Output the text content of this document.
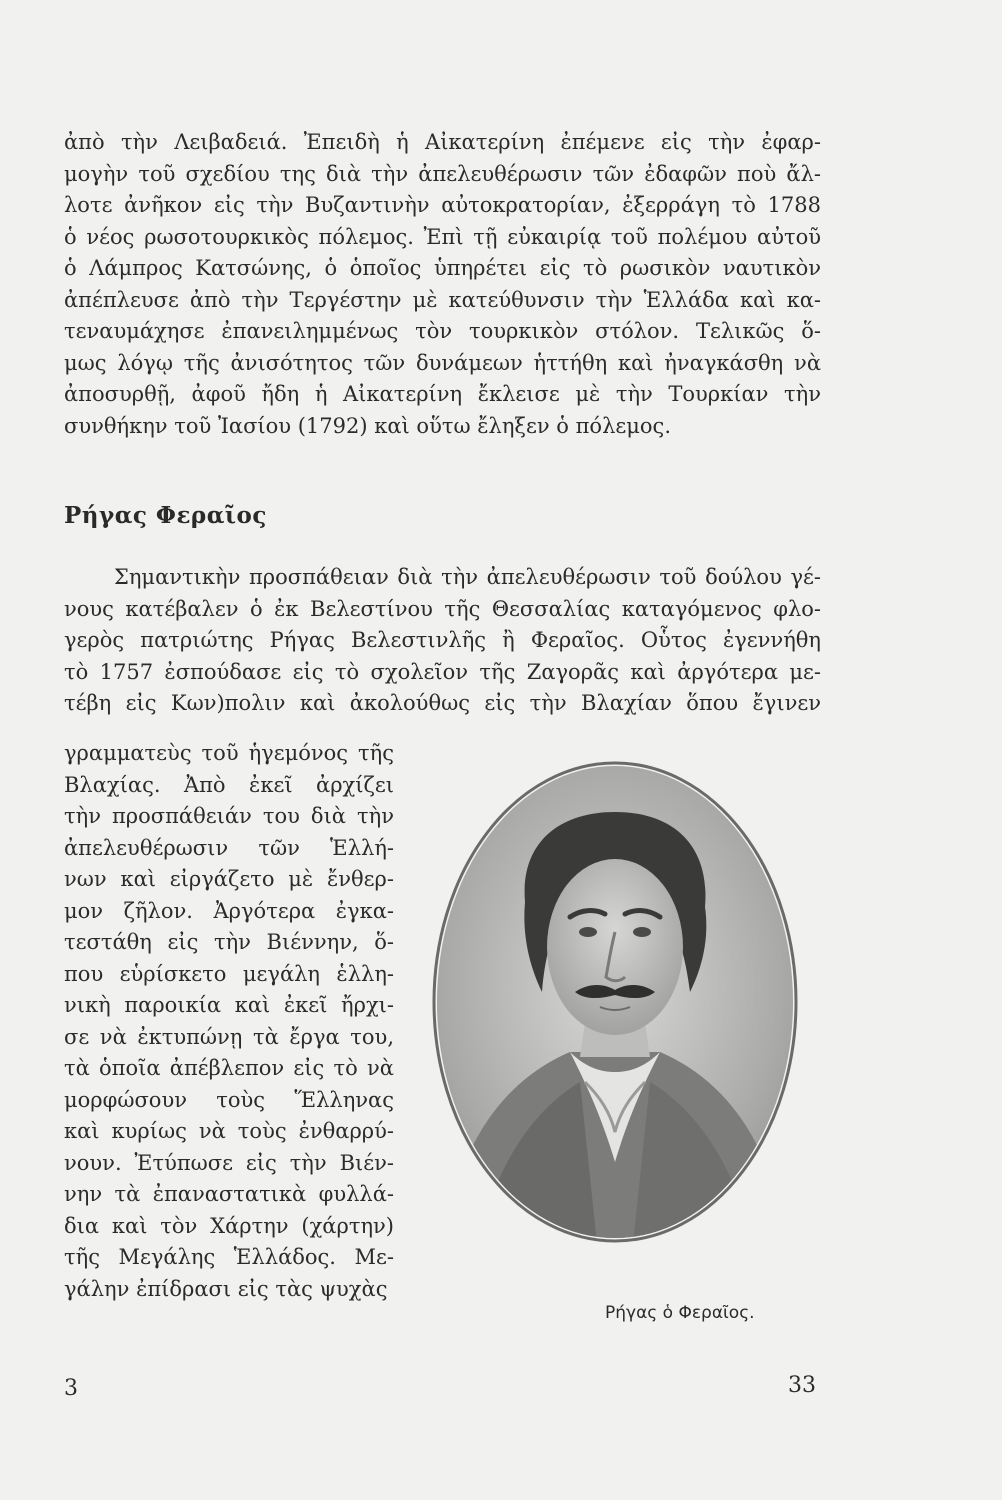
ἀπὸ τὴν Λειβαδειά. Ἐπειδὴ ἡ Αἰκατερίνη ἐπέμενε εἰς τὴν ἐφαρ-
μογὴν τοῦ σχεδίου της διὰ τὴν ἀπελευθέρωσιν τῶν ἐδαφῶν ποὺ ἄλ-
λοτε ἀνῆκον εἰς τὴν Βυζαντινὴν αὐτοκρατορίαν, ἐξερράγη τὸ 1788
ὁ νέος ρωσοτουρκικὸς πόλεμος. Ἐπὶ τῇ εὐκαιρίᾳ τοῦ πολέμου αὐτοῦ
ὁ Λάμπρος Κατσώνης, ὁ ὁποῖος ὑπηρέτει εἰς τὸ ρωσικὸν ναυτικὸν
ἀπέπλευσε ἀπὸ τὴν Τεργέστην μὲ κατεύθυνσιν τὴν Ἑλλάδα καὶ κα-
τεναυμάχησε ἐπανειλημμένως τὸν τουρκικὸν στόλον. Τελικῶς ὅ-
μως λόγῳ τῆς ἀνισότητος τῶν δυνάμεων ἡττήθη καὶ ἠναγκάσθη νὰ
ἀποσυρθῇ, ἀφοῦ ἤδη ἡ Αἰκατερίνη ἔκλεισε μὲ τὴν Τουρκίαν τὴν
συνθήκην τοῦ Ἰασίου (1792) καὶ οὕτω ἔληξεν ὁ πόλεμος.
Ρήγας Φεραῖος
Σημαντικὴν προσπάθειαν διὰ τὴν ἀπελευθέρωσιν τοῦ δούλου γέ-
νους κατέβαλεν ὁ ἐκ Βελεστίνου τῆς Θεσσαλίας καταγόμενος φλο-
γερὸς πατριώτης Ρήγας Βελεστινλῆς ἢ Φεραῖος. Οὗτος ἐγεννήθη
τὸ 1757 ἐσπούδασε εἰς τὸ σχολεῖον τῆς Ζαγορᾶς καὶ ἀργότερα με-
τέβη εἰς Κων)πολιν καὶ ἀκολούθως εἰς τὴν Βλαχίαν ὅπου ἔγινεν
γραμματεὺς τοῦ ἡγεμόνος τῆς
Βλαχίας. Ἀπὸ ἐκεῖ ἀρχίζει
τὴν προσπάθειάν του διὰ τὴν
ἀπελευθέρωσιν τῶν Ἑλλή-
νων καὶ εἰργάζετο μὲ ἔνθερ-
μον ζῆλον. Ἀργότερα ἐγκα-
τεστάθη εἰς τὴν Βιέννην, ὅ-
που εὑρίσκετο μεγάλη ἑλλη-
νικὴ παροικία καὶ ἐκεῖ ἤρχι-
σε νὰ ἐκτυπώνῃ τὰ ἔργα του,
τὰ ὁποῖα ἀπέβλεπον εἰς τὸ νὰ
μορφώσουν τοὺς Ἕλληνας
καὶ κυρίως νὰ τοὺς ἐνθαρρύ-
νουν. Ἐτύπωσε εἰς τὴν Βιέν-
νην τὰ ἐπαναστατικὰ φυλλά-
δια καὶ τὸν Χάρτην (χάρτην)
τῆς Μεγάλης Ἑλλάδος. Με-
γάλην ἐπίδρασι εἰς τὰς ψυχὰς
Ρήγας ὁ Φεραῖος.
3	33
